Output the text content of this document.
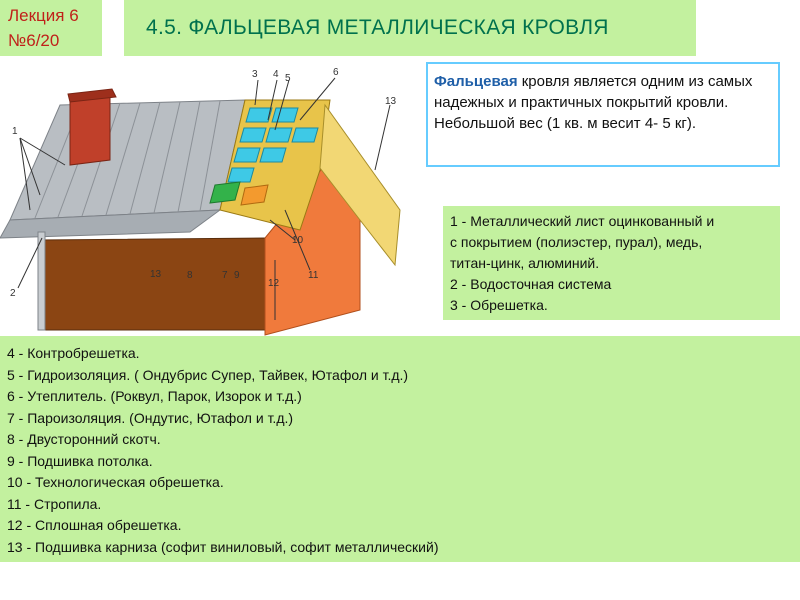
Лекция 6
№6/20
4.5. ФАЛЬЦЕВАЯ МЕТАЛЛИЧЕСКАЯ КРОВЛЯ
1
2
3 4 5
6
13
11
10
12
13	8	7 9
Фальцевая кровля является одним из самых надежных и практичных покрытий кровли. Небольшой вес (1 кв. м весит 4- 5 кг).
1 - Металлический лист оцинкованный и
с покрытием (полиэстер, пурал), медь,
титан-цинк, алюминий.
2 - Водосточная система
3 - Обрешетка.
4 - Контробрешетка.
5 - Гидроизоляция. ( Ондубрис Супер, Тайвек, Ютафол и т.д.)
6 - Утеплитель. (Роквул, Парок, Изорок и т.д.)
7 - Пароизоляция. (Ондутис, Ютафол и т.д.)
8 - Двусторонний скотч.
9 - Подшивка потолка.
10 - Технологическая обрешетка.
11 - Стропила.
12 - Сплошная обрешетка.
13 - Подшивка карниза (софит виниловый, софит металлический)
